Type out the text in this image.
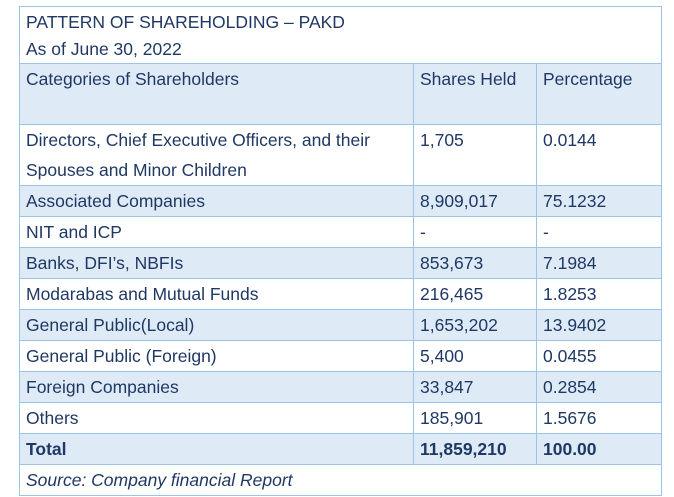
PATTERN OF SHAREHOLDING – PAKD
As of June 30, 2022		

Categories of Shareholders	Shares Held	Percentage
Directors, Chief Executive Officers, and their Spouses and Minor Children	1,705	0.0144
Associated Companies	8,909,017	75.1232
NIT and ICP	-	-
Banks, DFI’s, NBFIs	853,673	7.1984
Modarabas and Mutual Funds	216,465	1.8253
General Public(Local)	1,653,202	13.9402
General Public (Foreign)	5,400	0.0455
Foreign Companies	33,847	0.2854
Others	185,901	1.5676
Total	11,859,210	100.00
Source: Company financial Report		
